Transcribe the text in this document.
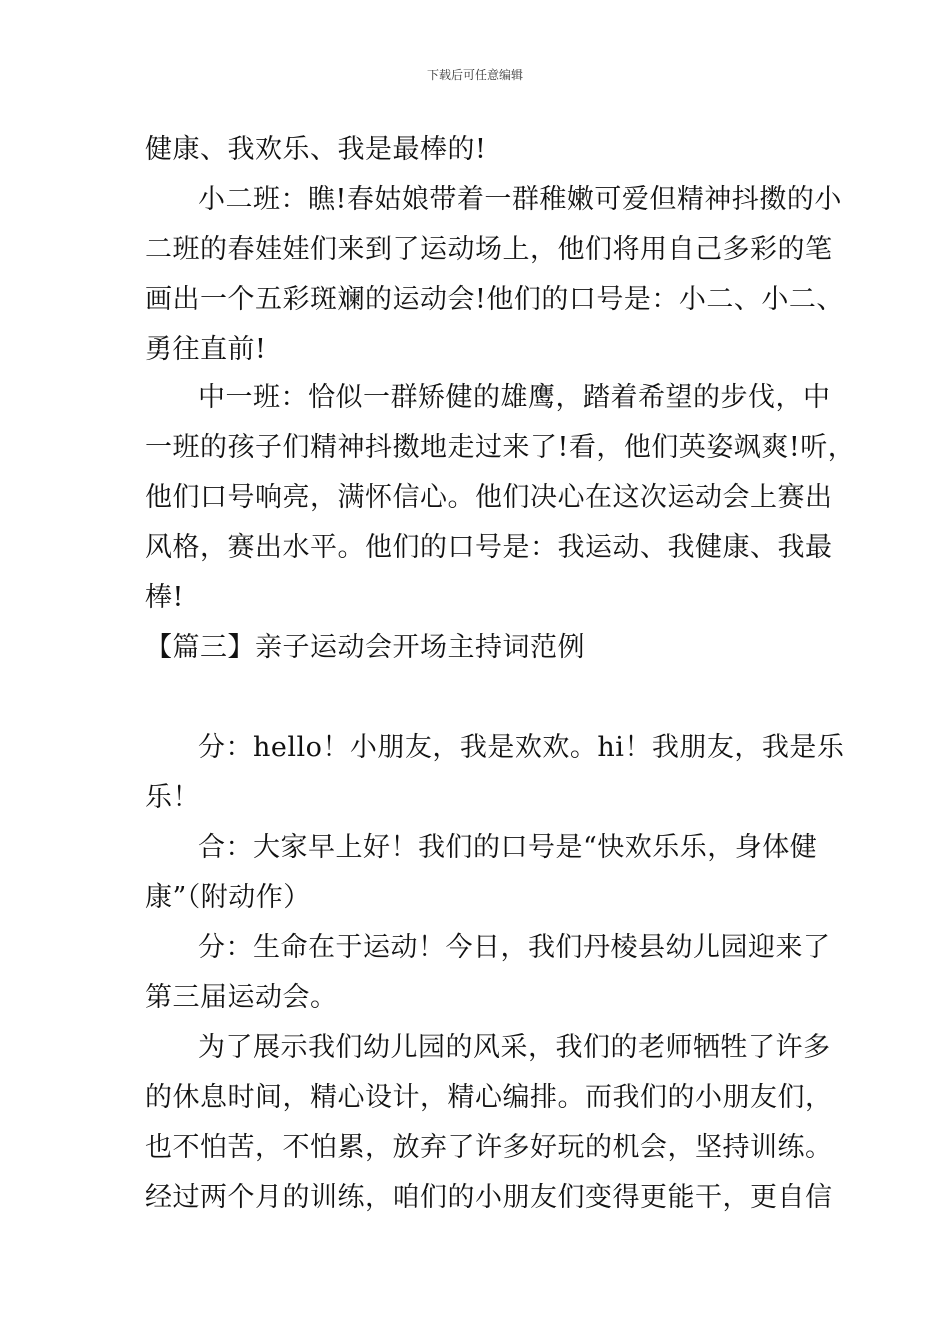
下载后可任意编辑
健康、我欢乐、我是最棒的!
小二班：瞧!春姑娘带着一群稚嫩可爱但精神抖擞的小
二班的春娃娃们来到了运动场上，他们将用自己多彩的笔
画出一个五彩斑斓的运动会!他们的口号是：小二、小二、
勇往直前!
中一班：恰似一群矫健的雄鹰，踏着希望的步伐，中
一班的孩子们精神抖擞地走过来了!看，他们英姿飒爽!听，
他们口号响亮，满怀信心。他们决心在这次运动会上赛出
风格，赛出水平。他们的口号是：我运动、我健康、我最
棒!
【篇三】亲子运动会开场主持词范例
分：hello！小朋友，我是欢欢。hi！我朋友，我是乐
乐！
合：大家早上好！我们的口号是“快欢乐乐，身体健
康”（附动作）
分：生命在于运动！今日，我们丹棱县幼儿园迎来了
第三届运动会。
为了展示我们幼儿园的风采，我们的老师牺牲了许多
的休息时间，精心设计，精心编排。而我们的小朋友们，
也不怕苦，不怕累，放弃了许多好玩的机会，坚持训练。
经过两个月的训练，咱们的小朋友们变得更能干，更自信
